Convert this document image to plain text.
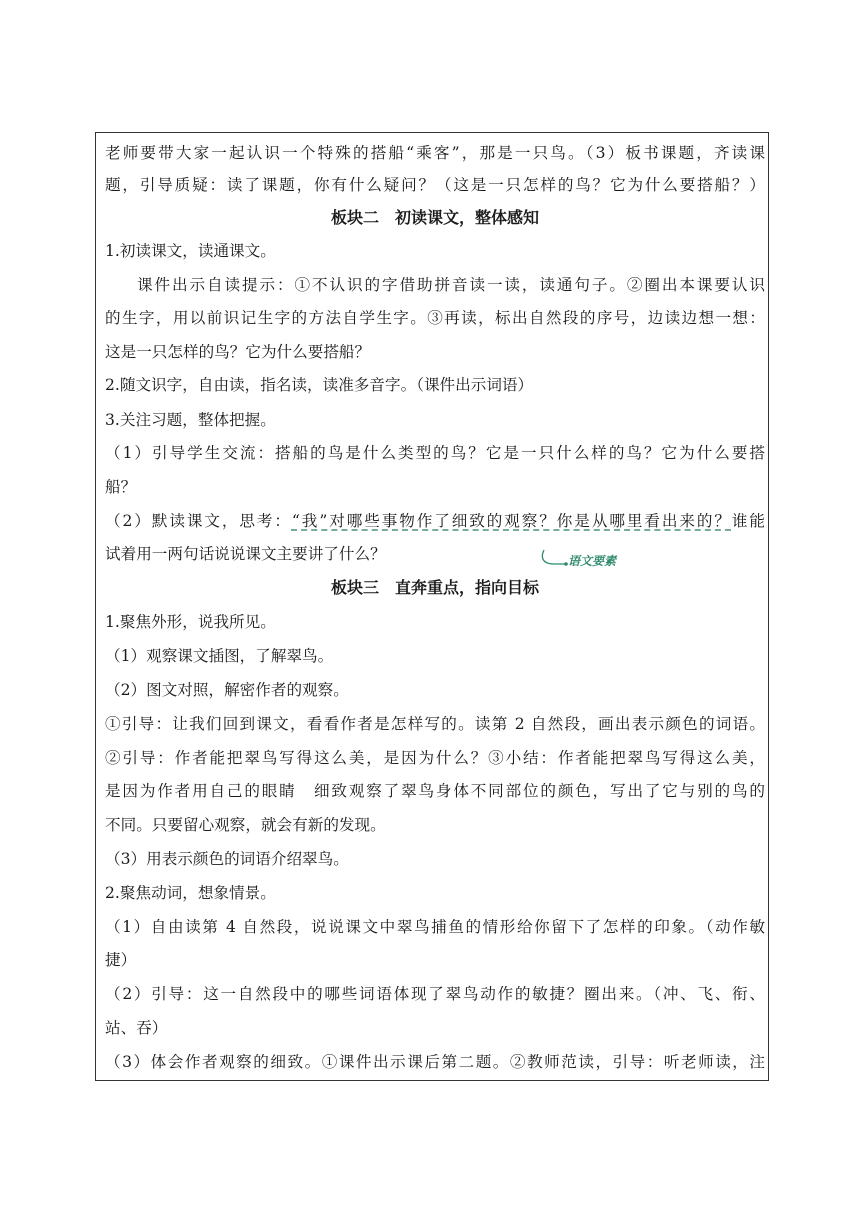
老师要带大家一起认识一个特殊的搭船“乘客”，那是一只鸟。（3）板书课题，齐读课
题，引导质疑：读了课题，你有什么疑问？（这是一只怎样的鸟？它为什么要搭船？）
板块二　初读课文，整体感知
1.初读课文，读通课文。
课件出示自读提示：①不认识的字借助拼音读一读，读通句子。②圈出本课要认识
的生字，用以前识记生字的方法自学生字。③再读，标出自然段的序号，边读边想一想：
这是一只怎样的鸟？它为什么要搭船？
2.随文识字，自由读，指名读，读准多音字。（课件出示词语）
3.关注习题，整体把握。
（1）引导学生交流：搭船的鸟是什么类型的鸟？它是一只什么样的鸟？它为什么要搭
船？
（2）默读课文，思考：“我”对哪些事物作了细致的观察？你是从哪里看出来的？谁能
试着用一两句话说说课文主要讲了什么？
板块三　直奔重点，指向目标
1.聚焦外形，说我所见。
（1）观察课文插图，了解翠鸟。
（2）图文对照，解密作者的观察。
①引导：让我们回到课文，看看作者是怎样写的。读第 2 自然段，画出表示颜色的词语。
②引导：作者能把翠鸟写得这么美，是因为什么？③小结：作者能把翠鸟写得这么美，
是因为作者用自己的眼睛　细致观察了翠鸟身体不同部位的颜色，写出了它与别的鸟的
不同。只要留心观察，就会有新的发现。
（3）用表示颜色的词语介绍翠鸟。
2.聚焦动词，想象情景。
（1）自由读第 4 自然段，说说课文中翠鸟捕鱼的情形给你留下了怎样的印象。（动作敏
捷）
（2）引导：这一自然段中的哪些词语体现了翠鸟动作的敏捷？圈出来。（冲、飞、衔、
站、吞）
（3）体会作者观察的细致。①课件出示课后第二题。②教师范读，引导：听老师读，注
语文要素
